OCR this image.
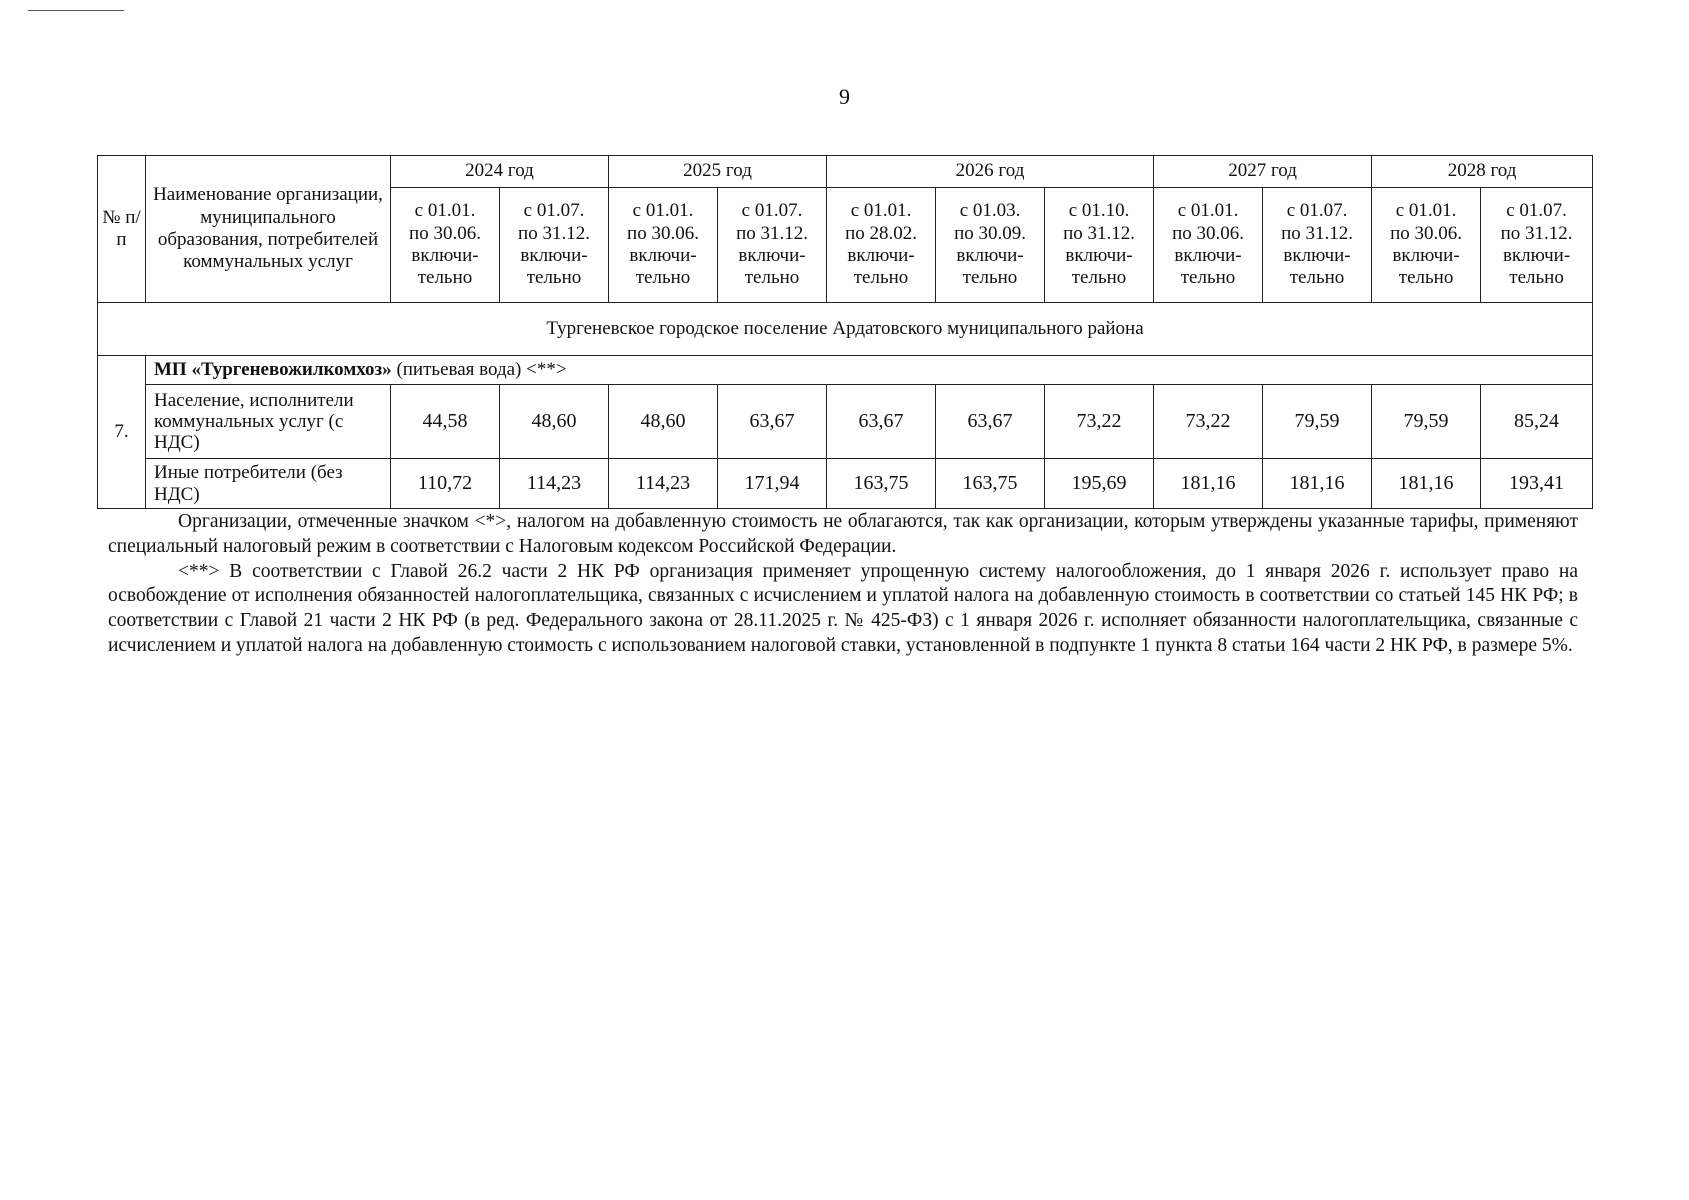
9
№ п/п	Наименование организации, муниципального образования, потребителей коммунальных услуг	2024 год		2025 год		2026 год			2027 год		2028 год	

		с 01.01.
по 30.06.
включи-
тельно	с 01.07.
по 31.12.
включи-
тельно	с 01.01.
по 30.06.
включи-
тельно	с 01.07.
по 31.12.
включи-
тельно	с 01.01.
по 28.02.
включи-
тельно	с 01.03.
по 30.09.
включи-
тельно	с 01.10.
по 31.12.
включи-
тельно	с 01.01.
по 30.06.
включи-
тельно	с 01.07.
по 31.12.
включи-
тельно	с 01.01.
по 30.06.
включи-
тельно	с 01.07.
по 31.12.
включи-
тельно

Тургеневское городское поселение Ардатовского муниципального района												
7.	МП «Тургеневожилкомхоз» (питьевая вода) <**>											
	Население, исполнители коммунальных услуг (с НДС)	44,58	48,60	48,60	63,67	63,67	63,67	73,22	73,22	79,59	79,59	85,24
	Иные потребители (без НДС)	110,72	114,23	114,23	171,94	163,75	163,75	195,69	181,16	181,16	181,16	193,41

Организации, отмеченные значком <*>, налогом на добавленную стоимость не облагаются, так как организации, которым утверждены указанные тарифы, применяют специальный налоговый режим в соответствии с Налоговым кодексом Российской Федерации.

<**> В соответствии с Главой 26.2 части 2 НК РФ организация применяет упрощенную систему налогообложения, до 1 января 2026 г. использует право на освобождение от исполнения обязанностей налогоплательщика, связанных с исчислением и уплатой налога на добавленную стоимость в соответствии со статьей 145 НК РФ; в соответствии с Главой 21 части 2 НК РФ (в ред. Федерального закона от 28.11.2025 г. № 425-ФЗ) с 1 января 2026 г. исполняет обязанности налогоплательщика, связанные с исчислением и уплатой налога на добавленную стоимость с использованием налоговой ставки, установленной в подпункте 1 пункта 8 статьи 164 части 2 НК РФ, в размере 5%.
